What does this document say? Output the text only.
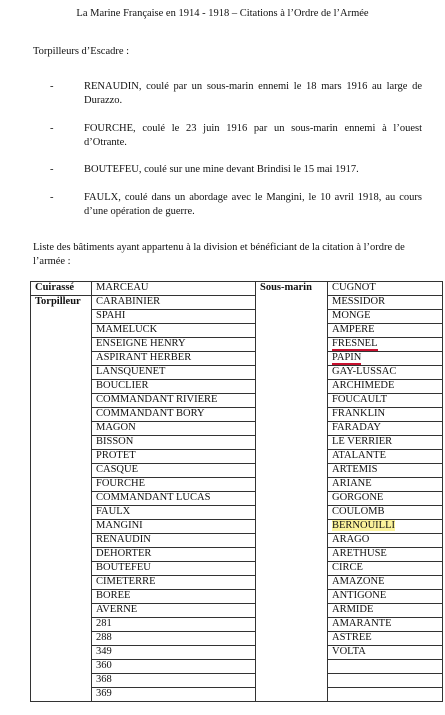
La Marine Française en 1914 - 1918 – Citations à l’Ordre de l’Armée
Torpilleurs d’Escadre :
-	RENAUDIN, coulé par un sous-marin ennemi le 18 mars 1916 au large de Durazzo.
-	FOURCHE, coulé le 23 juin 1916 par un sous-marin ennemi à l’ouest d’Otrante.
-	BOUTEFEU, coulé sur une mine devant Brindisi le 15 mai 1917.
-	FAULX, coulé dans un abordage avec le Mangini, le 10 avril 1918, au cours d’une opération de guerre.
Liste des bâtiments ayant appartenu à la division et bénéficiant de la citation à l’ordre de l’armée :
Cuirassé	MARCEAU	Sous-marin	CUGNOT
Torpilleur	CARABINIER		MESSIDOR
	SPAHI		MONGE
	MAMELUCK		AMPERE
	ENSEIGNE HENRY		FRESNEL
	ASPIRANT HERBER		PAPIN
	LANSQUENET		GAY-LUSSAC
	BOUCLIER		ARCHIMEDE
	COMMANDANT RIVIERE		FOUCAULT
	COMMANDANT BORY		FRANKLIN
	MAGON		FARADAY
	BISSON		LE VERRIER
	PROTET		ATALANTE
	CASQUE		ARTEMIS
	FOURCHE		ARIANE
	COMMANDANT LUCAS		GORGONE
	FAULX		COULOMB
	MANGINI		BERNOUILLI
	RENAUDIN		ARAGO
	DEHORTER		ARETHUSE
	BOUTEFEU		CIRCE
	CIMETERRE		AMAZONE
	BOREE		ANTIGONE
	AVERNE		ARMIDE
	281		AMARANTE
	288		ASTREE
	349		VOLTA
	360		
	368		
	369		
